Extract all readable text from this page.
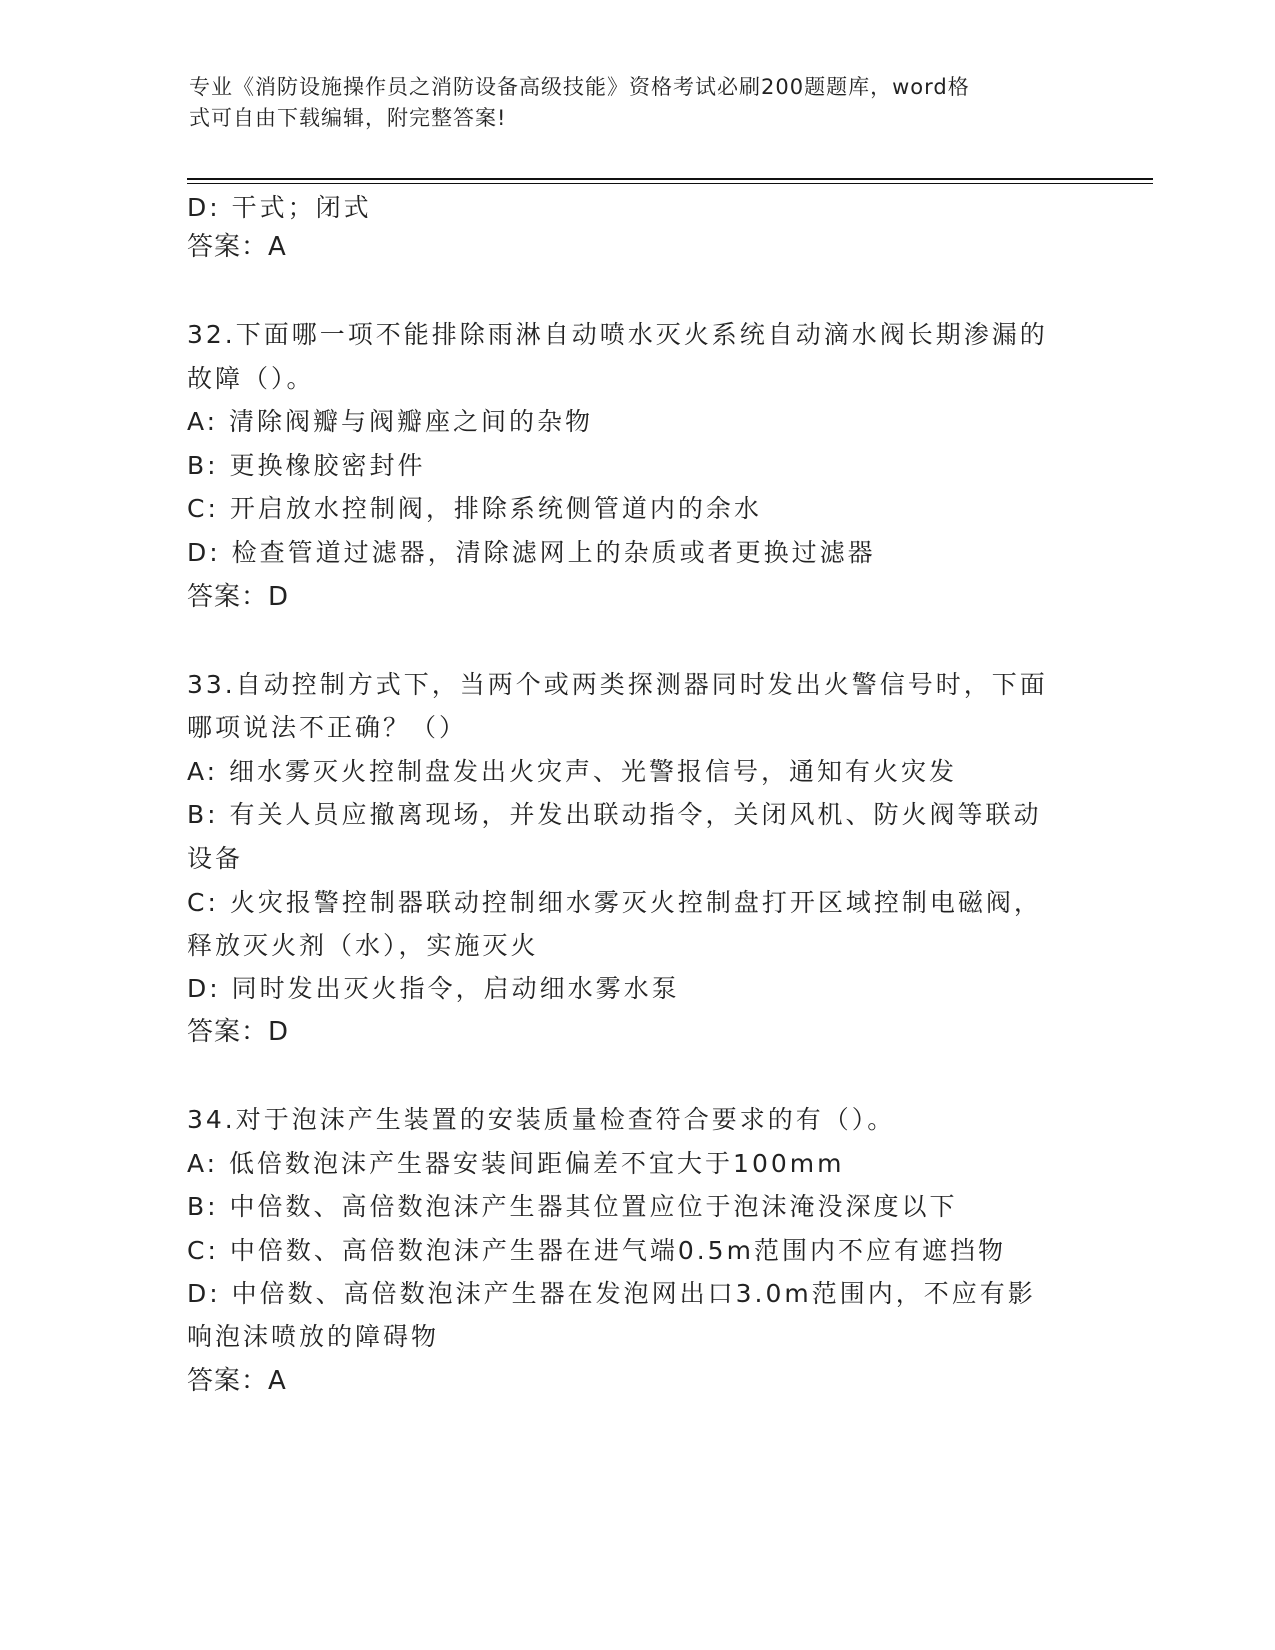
专业《消防设施操作员之消防设备高级技能》资格考试必刷200题题库，word格
式可自由下载编辑，附完整答案!
D: 干式；闭式
答案：A
32.下面哪一项不能排除雨淋自动喷水灭火系统自动滴水阀长期渗漏的
故障（）。
A: 清除阀瓣与阀瓣座之间的杂物
B: 更换橡胶密封件
C: 开启放水控制阀，排除系统侧管道内的余水
D: 检查管道过滤器，清除滤网上的杂质或者更换过滤器
答案：D
33.自动控制方式下，当两个或两类探测器同时发出火警信号时，下面
哪项说法不正确？（）
A: 细水雾灭火控制盘发出火灾声、光警报信号，通知有火灾发
B: 有关人员应撤离现场，并发出联动指令，关闭风机、防火阀等联动
设备
C: 火灾报警控制器联动控制细水雾灭火控制盘打开区域控制电磁阀，
释放灭火剂（水），实施灭火
D: 同时发出灭火指令，启动细水雾水泵
答案：D
34.对于泡沫产生装置的安装质量检查符合要求的有（）。
A: 低倍数泡沫产生器安装间距偏差不宜大于100mm
B: 中倍数、高倍数泡沫产生器其位置应位于泡沫淹没深度以下
C: 中倍数、高倍数泡沫产生器在进气端0.5m范围内不应有遮挡物
D: 中倍数、高倍数泡沫产生器在发泡网出口3.0m范围内，不应有影
响泡沫喷放的障碍物
答案：A
